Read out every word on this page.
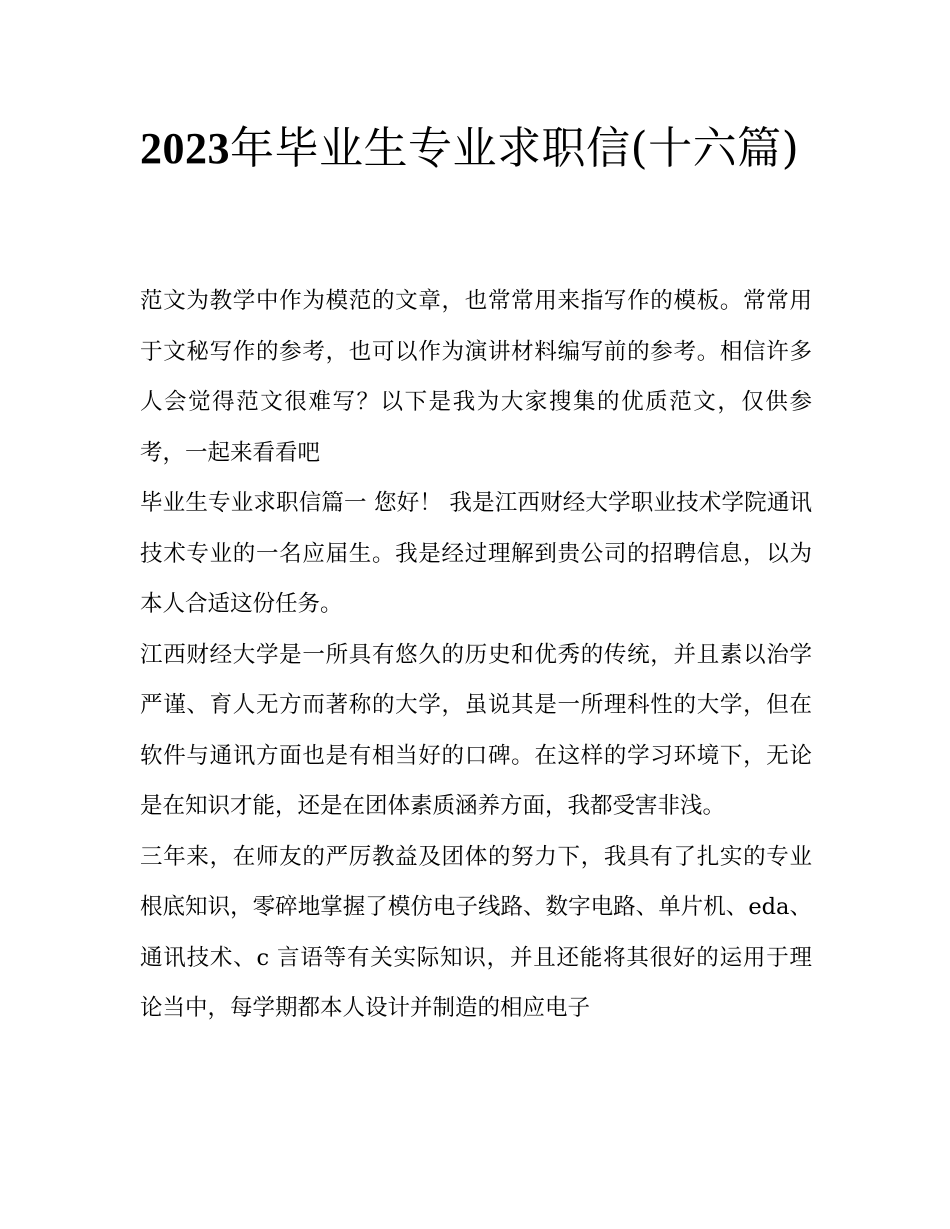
2023年毕业生专业求职信(十六篇)

范文为教学中作为模范的文章，也常常用来指写作的模板。常常用于文秘写作的参考，也可以作为演讲材料编写前的参考。相信许多人会觉得范文很难写？以下是我为大家搜集的优质范文，仅供参考，一起来看看吧

毕业生专业求职信篇一 您好！ 我是江西财经大学职业技术学院通讯技术专业的一名应届生。我是经过理解到贵公司的招聘信息，以为本人合适这份任务。

江西财经大学是一所具有悠久的历史和优秀的传统，并且素以治学严谨、育人无方而著称的大学，虽说其是一所理科性的大学，但在软件与通讯方面也是有相当好的口碑。在这样的学习环境下，无论是在知识才能，还是在团体素质涵养方面，我都受害非浅。

三年来，在师友的严厉教益及团体的努力下，我具有了扎实的专业根底知识，零碎地掌握了模仿电子线路、数字电路、单片机、eda、通讯技术、c 言语等有关实际知识，并且还能将其很好的运用于理论当中，每学期都本人设计并制造的相应电子
